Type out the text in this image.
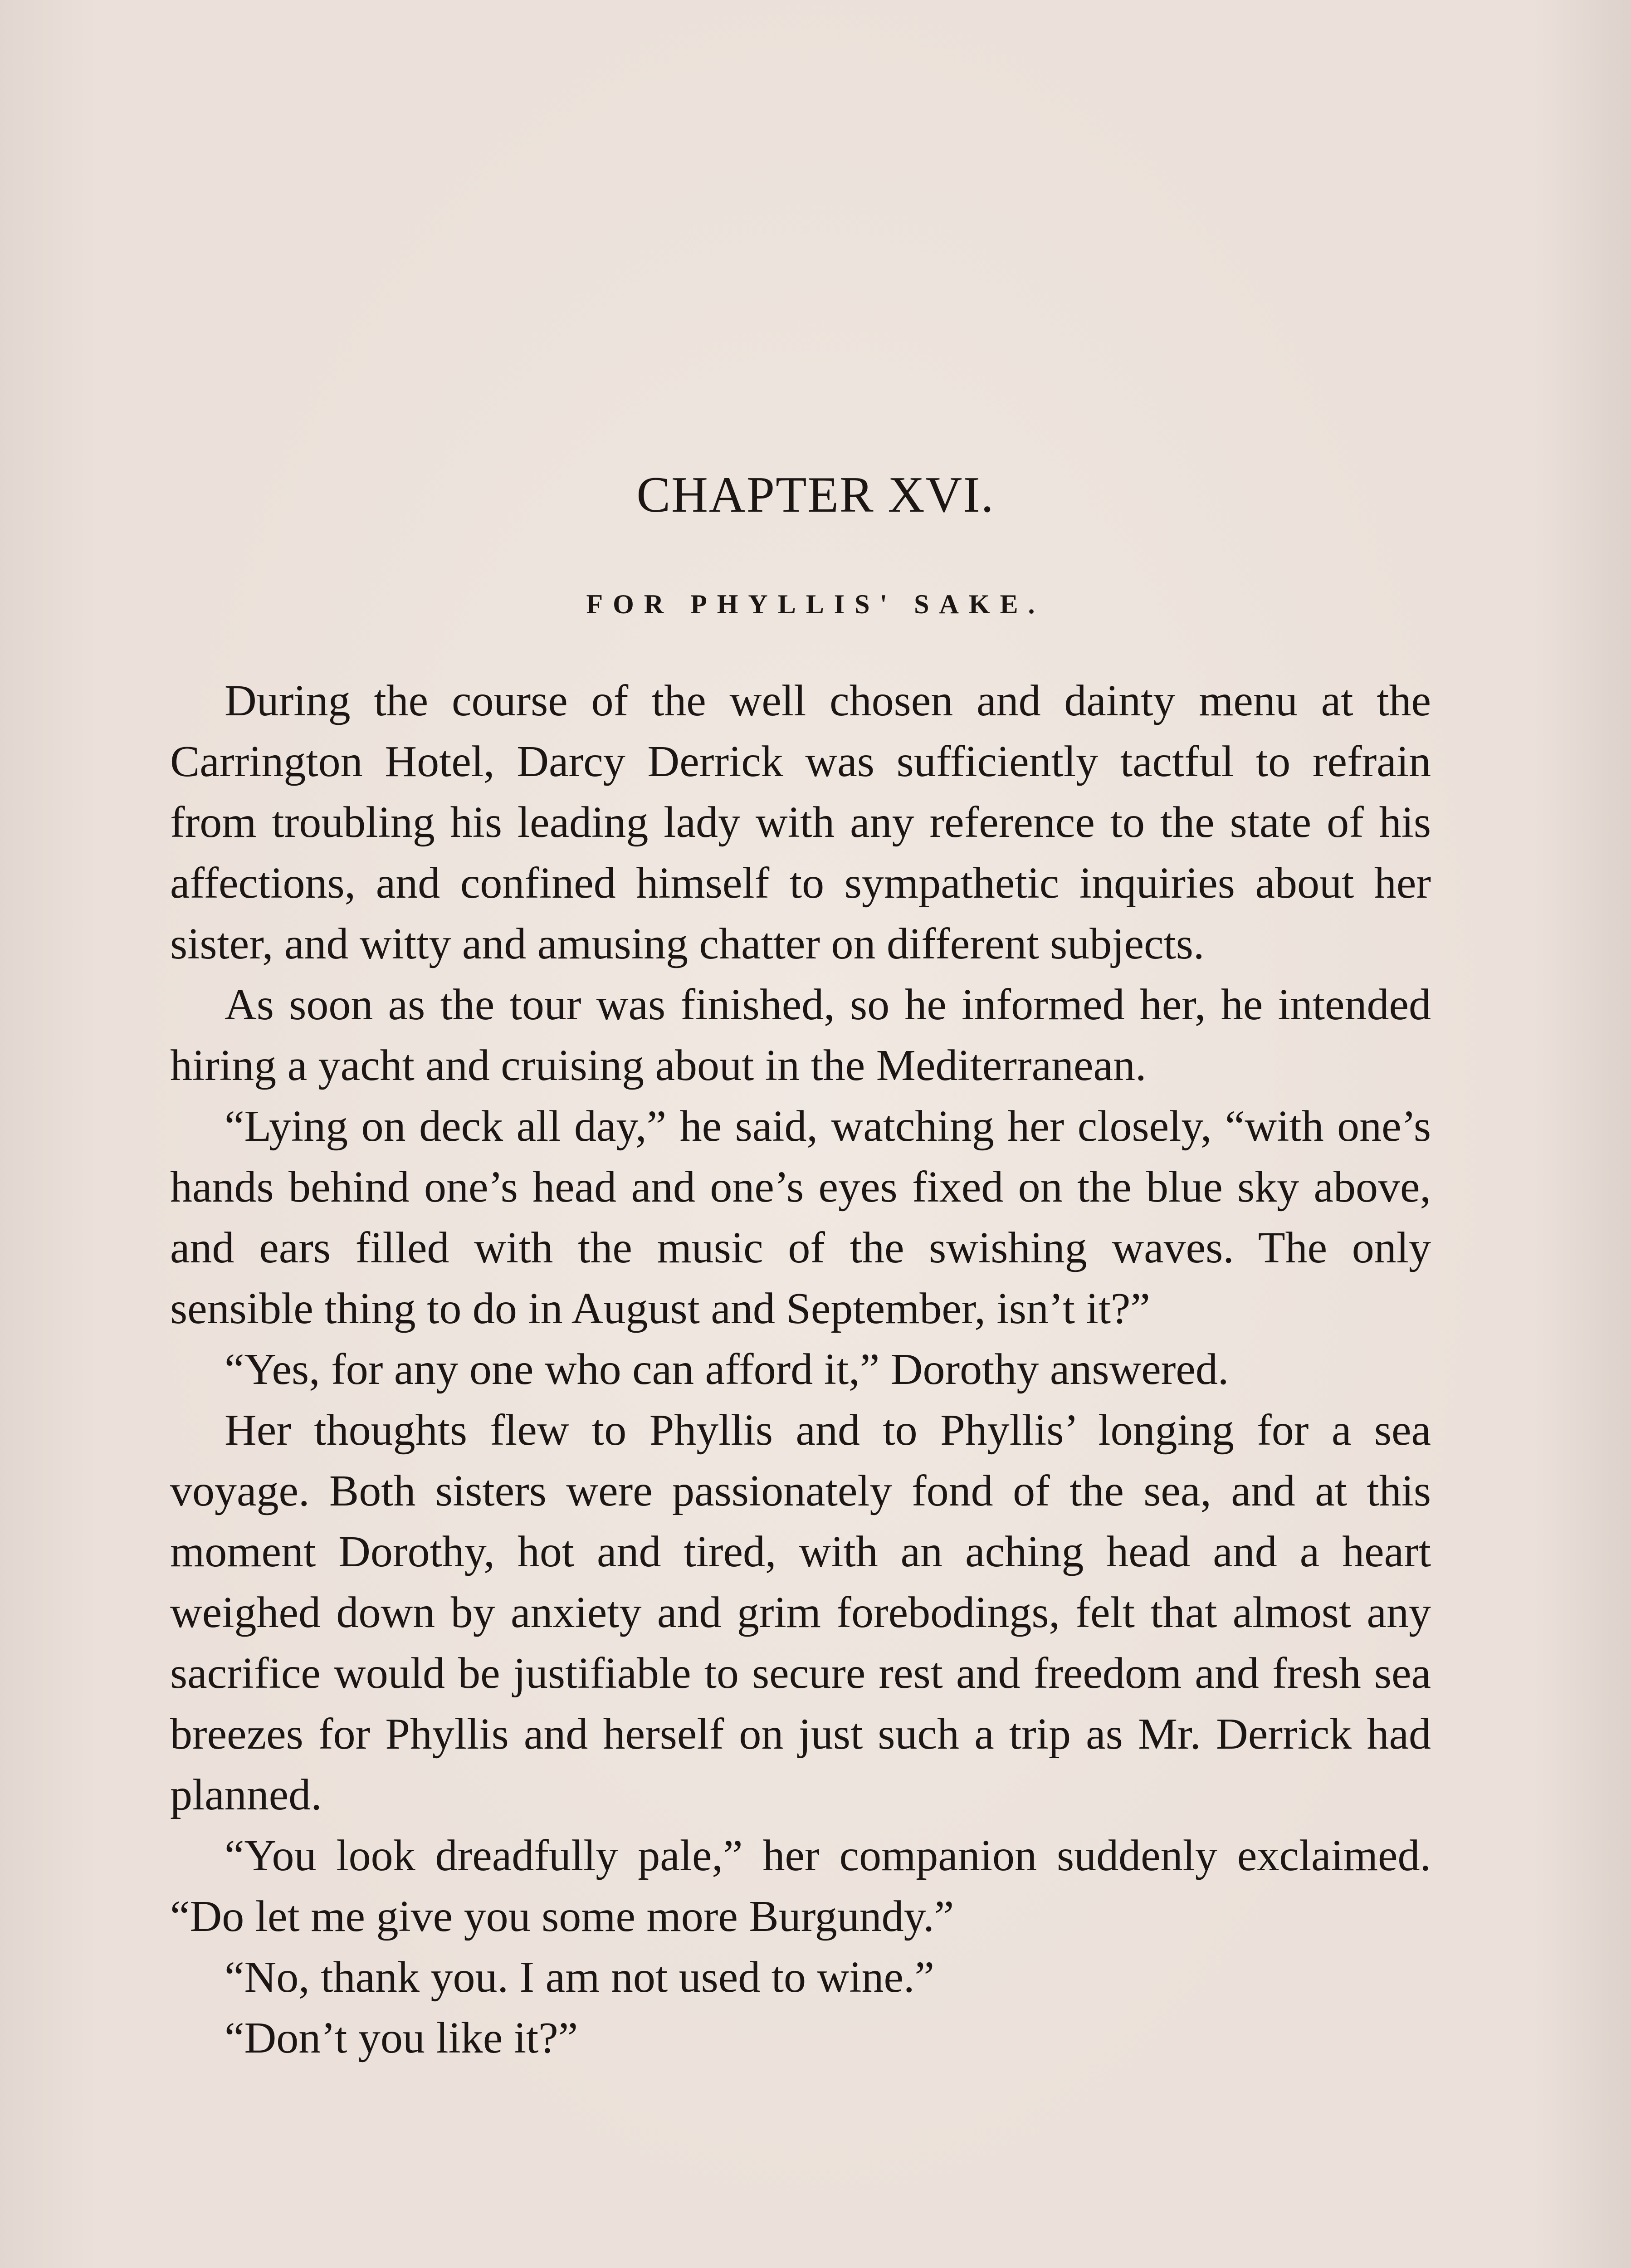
CHAPTER XVI.
FOR PHYLLIS' SAKE.

During the course of the well chosen and dainty menu at the Carrington Hotel, Darcy Derrick was sufficiently tactful to refrain from troubling his leading lady with any reference to the state of his affections, and confined himself to sympathetic inquiries about her sister, and witty and amusing chatter on different subjects.

As soon as the tour was finished, so he informed her, he intended hiring a yacht and cruising about in the Mediterranean.

“Lying on deck all day,” he said, watching her closely, “with one’s hands behind one’s head and one’s eyes fixed on the blue sky above, and ears filled with the music of the swishing waves. The only sensible thing to do in August and September, isn’t it?”

“Yes, for any one who can afford it,” Dorothy answered.

Her thoughts flew to Phyllis and to Phyllis’ longing for a sea voyage. Both sisters were passionately fond of the sea, and at this moment Dorothy, hot and tired, with an aching head and a heart weighed down by anxiety and grim forebodings, felt that almost any sacrifice would be justifiable to secure rest and freedom and fresh sea breezes for Phyllis and herself on just such a trip as Mr. Derrick had planned.

“You look dreadfully pale,” her companion suddenly exclaimed. “Do let me give you some more Burgundy.”

“No, thank you. I am not used to wine.”

“Don’t you like it?”
